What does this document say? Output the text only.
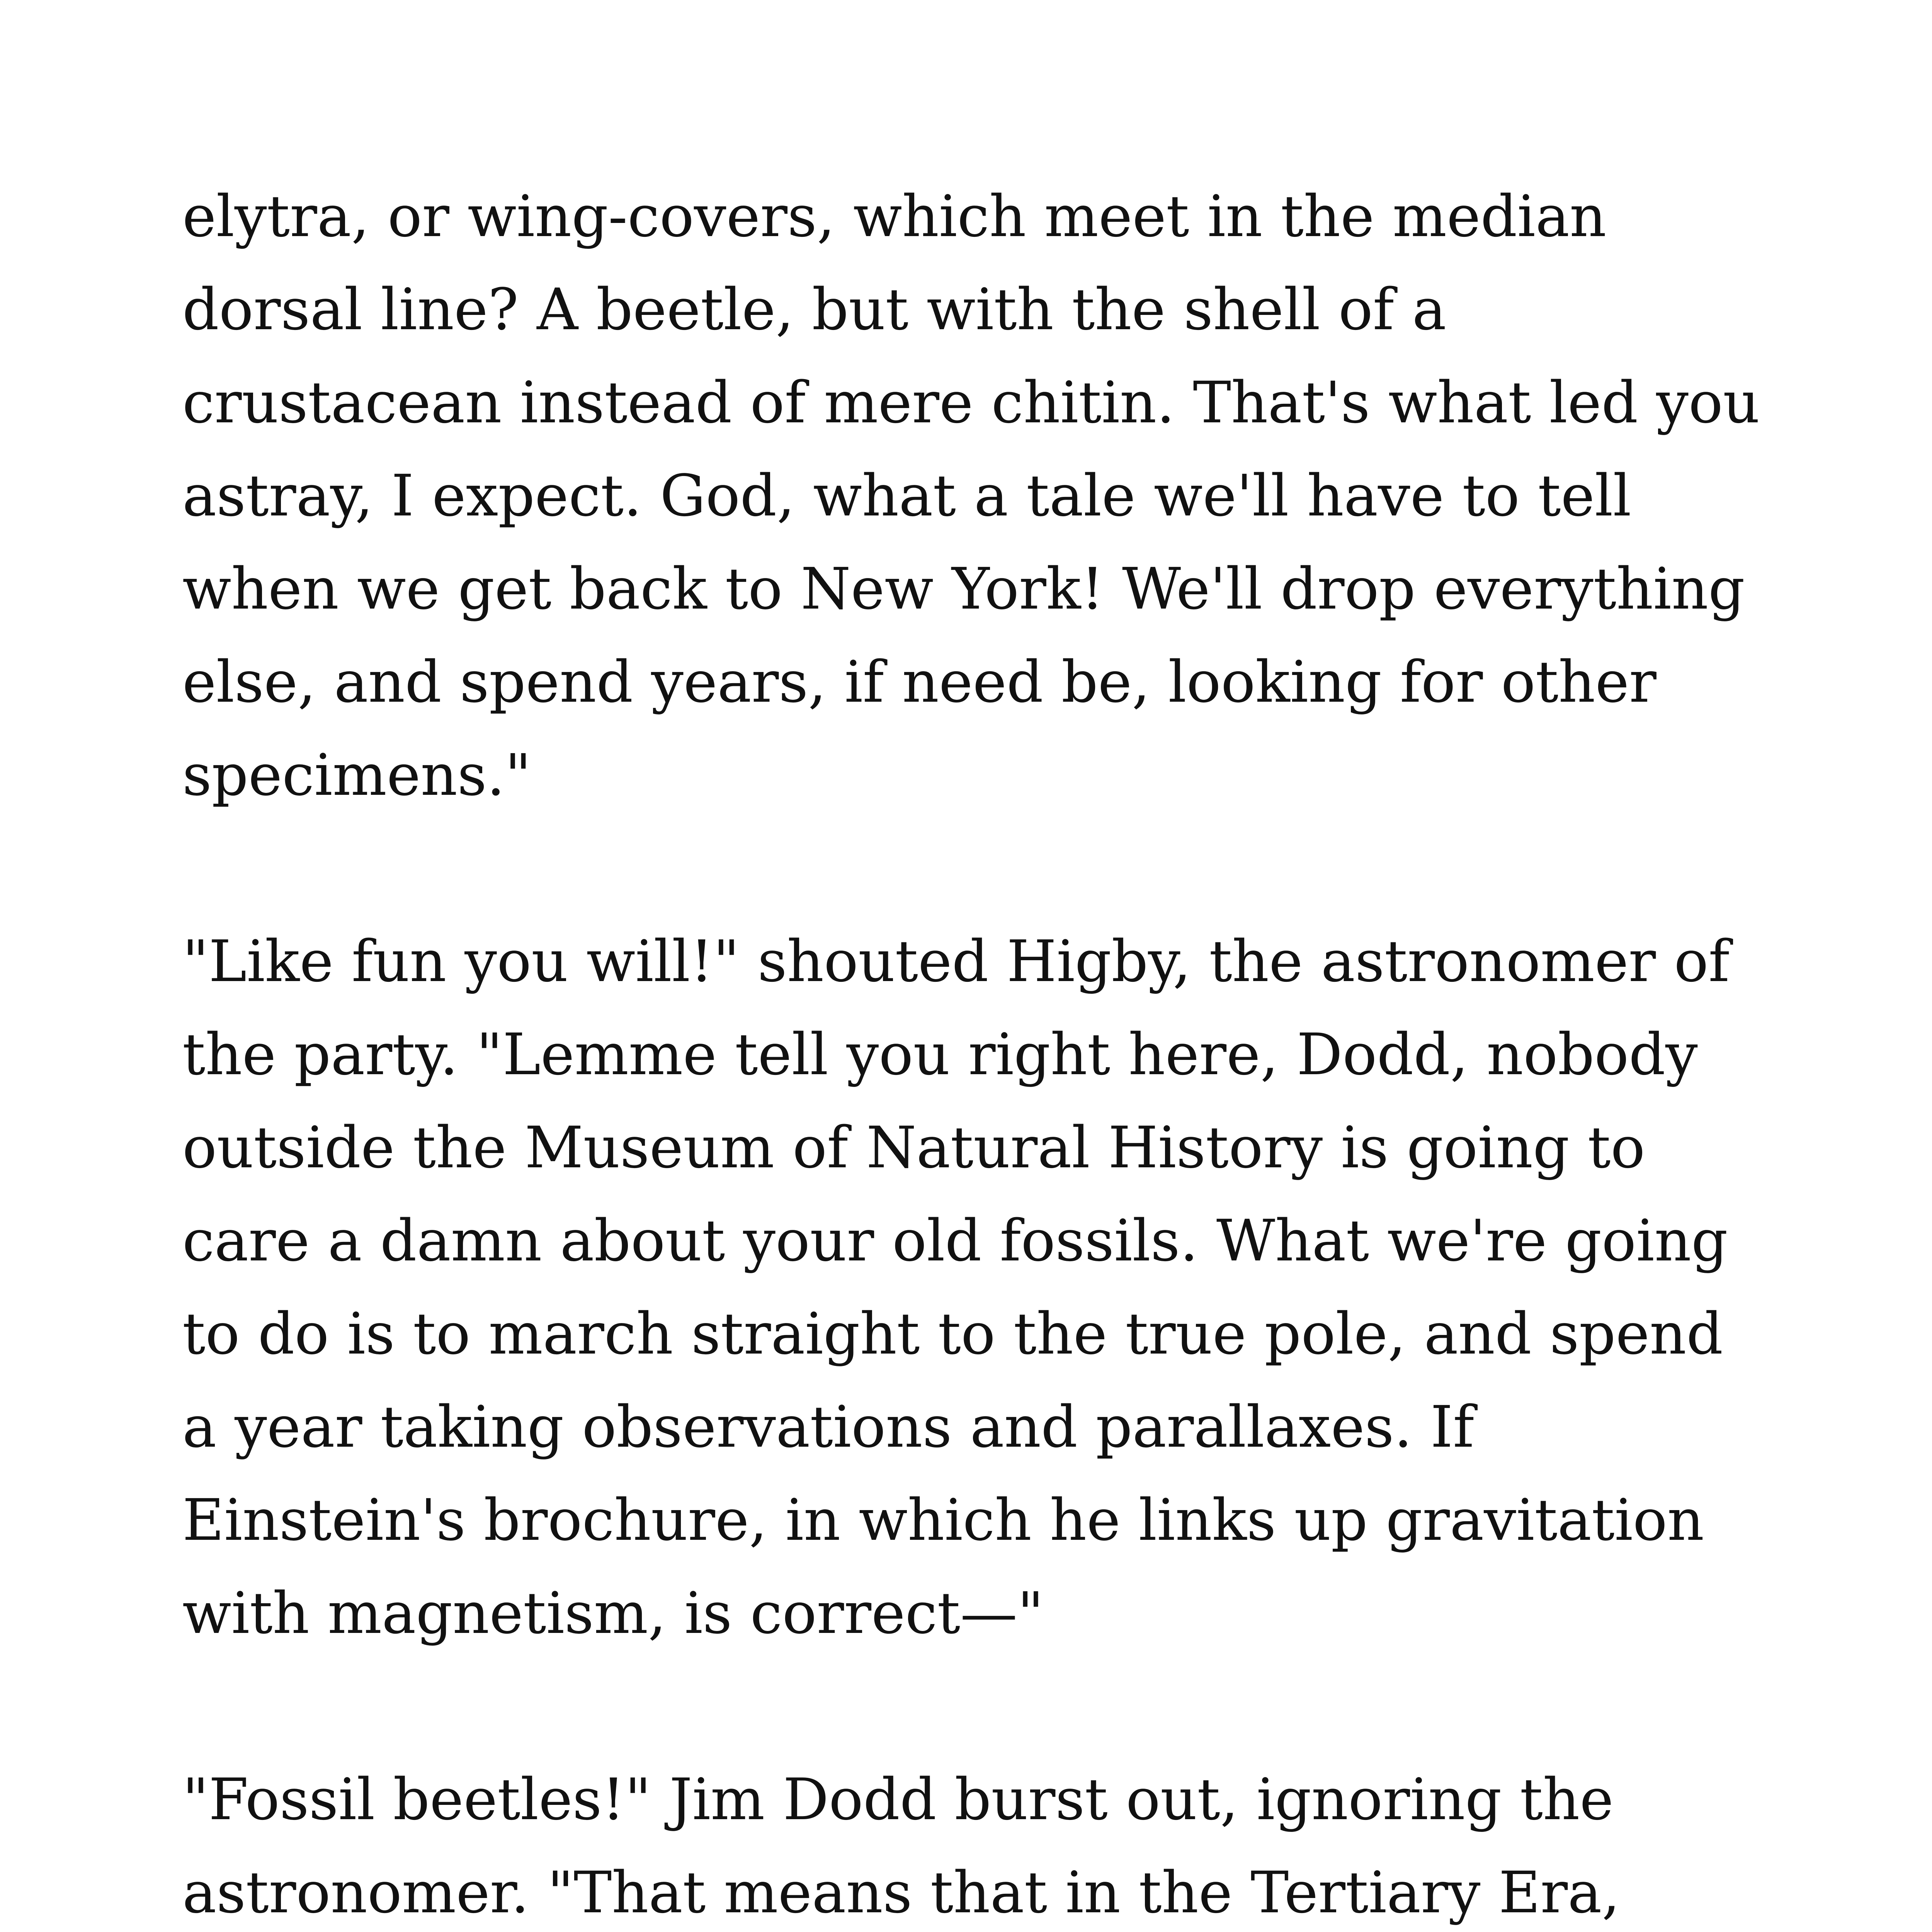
elytra, or wing-covers, which meet in the median
dorsal line? A beetle, but with the shell of a
crustacean instead of mere chitin. That's what led you
astray, I expect. God, what a tale we'll have to tell
when we get back to New York! We'll drop everything
else, and spend years, if need be, looking for other
specimens."
"Like fun you will!" shouted Higby, the astronomer of
the party. "Lemme tell you right here, Dodd, nobody
outside the Museum of Natural History is going to
care a damn about your old fossils. What we're going
to do is to march straight to the true pole, and spend
a year taking observations and parallaxes. If
Einstein's brochure, in which he links up gravitation
with magnetism, is correct—"
"Fossil beetles!" Jim Dodd burst out, ignoring the
astronomer. "That means that in the Tertiary Era,
